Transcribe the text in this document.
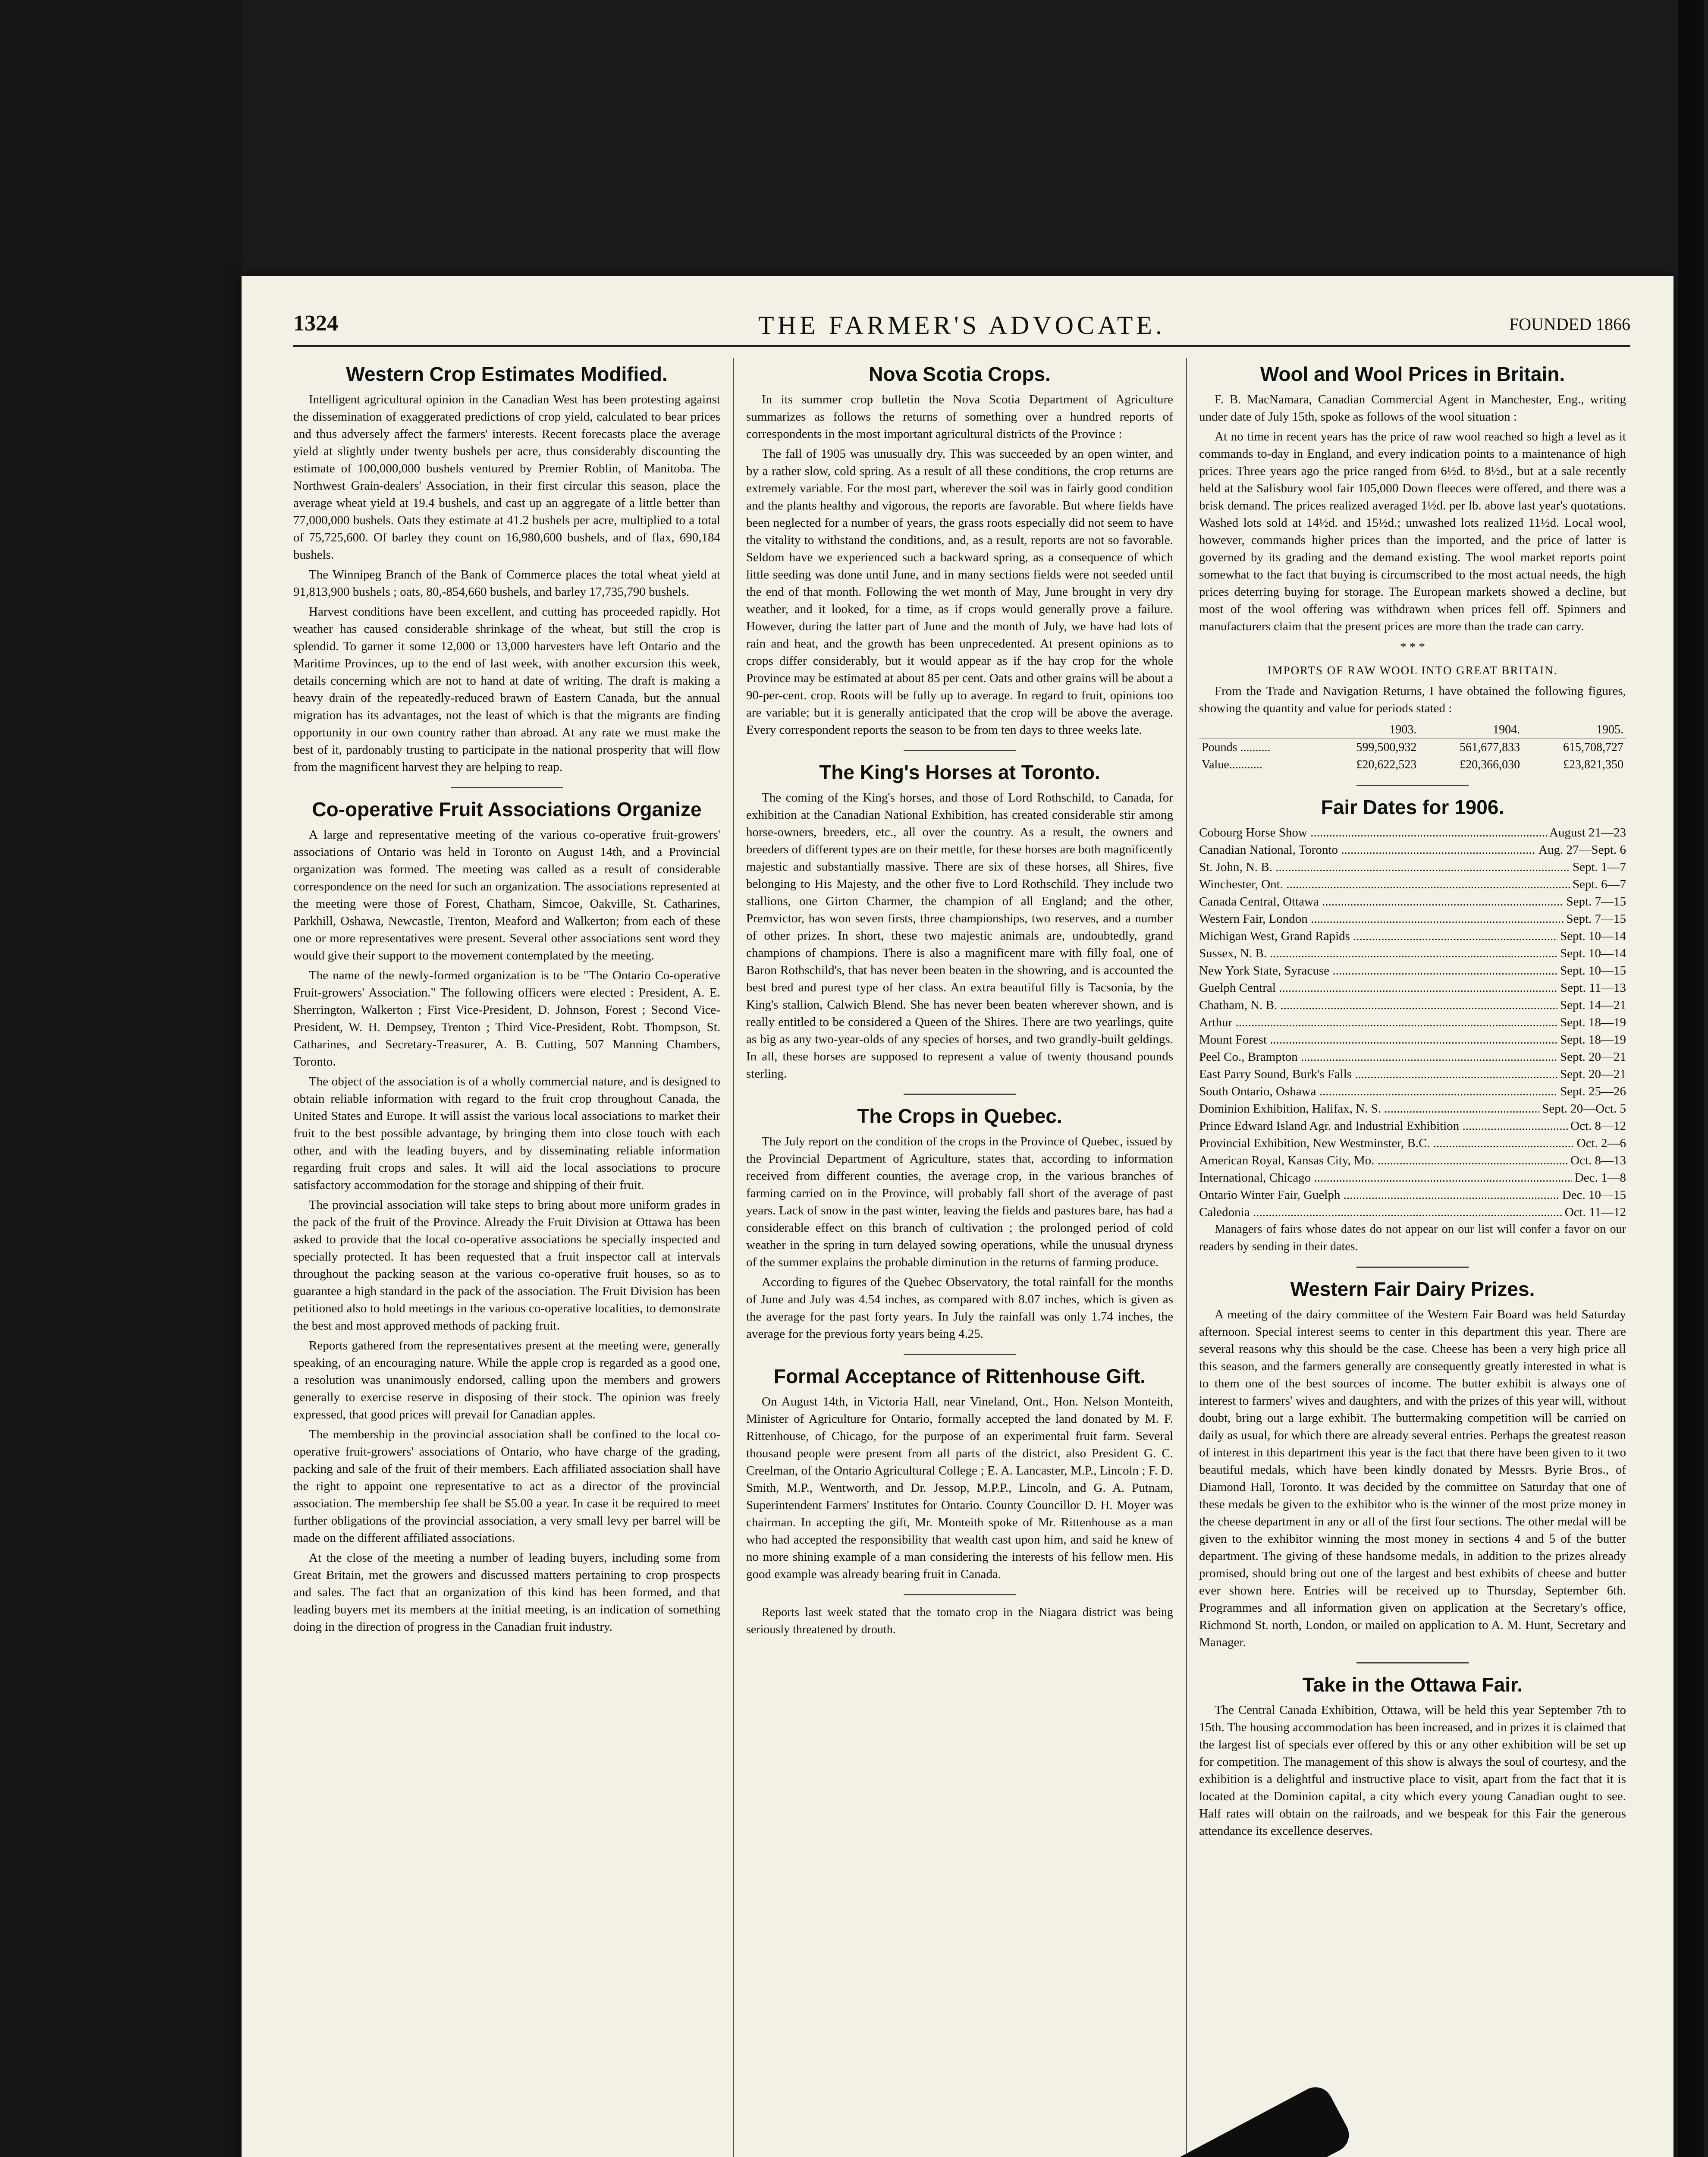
1324	THE FARMER'S ADVOCATE.	FOUNDED 1866
Western Crop Estimates Modified.

Intelligent agricultural opinion in the Canadian West has been protesting against the dissemination of exaggerated predictions of crop yield, calculated to bear prices and thus adversely affect the farmers' interests. Recent forecasts place the average yield at slightly under twenty bushels per acre, thus considerably discounting the estimate of 100,000,000 bushels ventured by Premier Roblin, of Manitoba. The Northwest Grain-dealers' Association, in their first circular this season, place the average wheat yield at 19.4 bushels, and cast up an aggregate of a little better than 77,000,000 bushels. Oats they estimate at 41.2 bushels per acre, multiplied to a total of 75,725,600. Of barley they count on 16,980,600 bushels, and of flax, 690,184 bushels.

The Winnipeg Branch of the Bank of Commerce places the total wheat yield at 91,813,900 bushels ; oats, 80,-854,660 bushels, and barley 17,735,790 bushels.

Harvest conditions have been excellent, and cutting has proceeded rapidly. Hot weather has caused considerable shrinkage of the wheat, but still the crop is splendid. To garner it some 12,000 or 13,000 harvesters have left Ontario and the Maritime Provinces, up to the end of last week, with another excursion this week, details concerning which are not to hand at date of writing. The draft is making a heavy drain of the repeatedly-reduced brawn of Eastern Canada, but the annual migration has its advantages, not the least of which is that the migrants are finding opportunity in our own country rather than abroad. At any rate we must make the best of it, pardonably trusting to participate in the national prosperity that will flow from the magnificent harvest they are helping to reap.

Co-operative Fruit Associations Organize

A large and representative meeting of the various co-operative fruit-growers' associations of Ontario was held in Toronto on August 14th, and a Provincial organization was formed. The meeting was called as a result of considerable correspondence on the need for such an organization. The associations represented at the meeting were those of Forest, Chatham, Simcoe, Oakville, St. Catharines, Parkhill, Oshawa, Newcastle, Trenton, Meaford and Walkerton; from each of these one or more representatives were present. Several other associations sent word they would give their support to the movement contemplated by the meeting.

The name of the newly-formed organization is to be "The Ontario Co-operative Fruit-growers' Association." The following officers were elected : President, A. E. Sherrington, Walkerton ; First Vice-President, D. Johnson, Forest ; Second Vice-President, W. H. Dempsey, Trenton ; Third Vice-President, Robt. Thompson, St. Catharines, and Secretary-Treasurer, A. B. Cutting, 507 Manning Chambers, Toronto.

The object of the association is of a wholly commercial nature, and is designed to obtain reliable information with regard to the fruit crop throughout Canada, the United States and Europe. It will assist the various local associations to market their fruit to the best possible advantage, by bringing them into close touch with each other, and with the leading buyers, and by disseminating reliable information regarding fruit crops and sales. It will aid the local associations to procure satisfactory accommodation for the storage and shipping of their fruit.

The provincial association will take steps to bring about more uniform grades in the pack of the fruit of the Province. Already the Fruit Division at Ottawa has been asked to provide that the local co-operative associations be specially inspected and specially protected. It has been requested that a fruit inspector call at intervals throughout the packing season at the various co-operative fruit houses, so as to guarantee a high standard in the pack of the association. The Fruit Division has been petitioned also to hold meetings in the various co-operative localities, to demonstrate the best and most approved methods of packing fruit.

Reports gathered from the representatives present at the meeting were, generally speaking, of an encouraging nature. While the apple crop is regarded as a good one, a resolution was unanimously endorsed, calling upon the members and growers generally to exercise reserve in disposing of their stock. The opinion was freely expressed, that good prices will prevail for Canadian apples.

The membership in the provincial association shall be confined to the local co-operative fruit-growers' associations of Ontario, who have charge of the grading, packing and sale of the fruit of their members. Each affiliated association shall have the right to appoint one representative to act as a director of the provincial association. The membership fee shall be $5.00 a year. In case it be required to meet further obligations of the provincial association, a very small levy per barrel will be made on the different affiliated associations.

At the close of the meeting a number of leading buyers, including some from Great Britain, met the growers and discussed matters pertaining to crop prospects and sales. The fact that an organization of this kind has been formed, and that leading buyers met its members at the initial meeting, is an indication of something doing in the direction of progress in the Canadian fruit industry.

Nova Scotia Crops.

In its summer crop bulletin the Nova Scotia Department of Agriculture summarizes as follows the returns of something over a hundred reports of correspondents in the most important agricultural districts of the Province :

The fall of 1905 was unusually dry. This was succeeded by an open winter, and by a rather slow, cold spring. As a result of all these conditions, the crop returns are extremely variable. For the most part, wherever the soil was in fairly good condition and the plants healthy and vigorous, the reports are favorable. But where fields have been neglected for a number of years, the grass roots especially did not seem to have the vitality to withstand the conditions, and, as a result, reports are not so favorable. Seldom have we experienced such a backward spring, as a consequence of which little seeding was done until June, and in many sections fields were not seeded until the end of that month. Following the wet month of May, June brought in very dry weather, and it looked, for a time, as if crops would generally prove a failure. However, during the latter part of June and the month of July, we have had lots of rain and heat, and the growth has been unprecedented. At present opinions as to crops differ considerably, but it would appear as if the hay crop for the whole Province may be estimated at about 85 per cent. Oats and other grains will be about a 90-per-cent. crop. Roots will be fully up to average. In regard to fruit, opinions too are variable; but it is generally anticipated that the crop will be above the average. Every correspondent reports the season to be from ten days to three weeks late.

The King's Horses at Toronto.

The coming of the King's horses, and those of Lord Rothschild, to Canada, for exhibition at the Canadian National Exhibition, has created considerable stir among horse-owners, breeders, etc., all over the country. As a result, the owners and breeders of different types are on their mettle, for these horses are both magnificently majestic and substantially massive. There are six of these horses, all Shires, five belonging to His Majesty, and the other five to Lord Rothschild. They include two stallions, one Girton Charmer, the champion of all England; and the other, Premvictor, has won seven firsts, three championships, two reserves, and a number of other prizes. In short, these two majestic animals are, undoubtedly, grand champions of champions. There is also a magnificent mare with filly foal, one of Baron Rothschild's, that has never been beaten in the showring, and is accounted the best bred and purest type of her class. An extra beautiful filly is Tacsonia, by the King's stallion, Calwich Blend. She has never been beaten wherever shown, and is really entitled to be considered a Queen of the Shires. There are two yearlings, quite as big as any two-year-olds of any species of horses, and two grandly-built geldings. In all, these horses are supposed to represent a value of twenty thousand pounds sterling.

The Crops in Quebec.

The July report on the condition of the crops in the Province of Quebec, issued by the Provincial Department of Agriculture, states that, according to information received from different counties, the average crop, in the various branches of farming carried on in the Province, will probably fall short of the average of past years. Lack of snow in the past winter, leaving the fields and pastures bare, has had a considerable effect on this branch of cultivation ; the prolonged period of cold weather in the spring in turn delayed sowing operations, while the unusual dryness of the summer explains the probable diminution in the returns of farming produce.

According to figures of the Quebec Observatory, the total rainfall for the months of June and July was 4.54 inches, as compared with 8.07 inches, which is given as the average for the past forty years. In July the rainfall was only 1.74 inches, the average for the previous forty years being 4.25.

Formal Acceptance of Rittenhouse Gift.

On August 14th, in Victoria Hall, near Vineland, Ont., Hon. Nelson Monteith, Minister of Agriculture for Ontario, formally accepted the land donated by M. F. Rittenhouse, of Chicago, for the purpose of an experimental fruit farm. Several thousand people were present from all parts of the district, also President G. C. Creelman, of the Ontario Agricultural College ; E. A. Lancaster, M.P., Lincoln ; F. D. Smith, M.P., Wentworth, and Dr. Jessop, M.P.P., Lincoln, and G. A. Putnam, Superintendent Farmers' Institutes for Ontario. County Councillor D. H. Moyer was chairman. In accepting the gift, Mr. Monteith spoke of Mr. Rittenhouse as a man who had accepted the responsibility that wealth cast upon him, and said he knew of no more shining example of a man considering the interests of his fellow men. His good example was already bearing fruit in Canada.

Reports last week stated that the tomato crop in the Niagara district was being seriously threatened by drouth.

Wool and Wool Prices in Britain.

F. B. MacNamara, Canadian Commercial Agent in Manchester, Eng., writing under date of July 15th, spoke as follows of the wool situation :

At no time in recent years has the price of raw wool reached so high a level as it commands to-day in England, and every indication points to a maintenance of high prices. Three years ago the price ranged from 6½d. to 8½d., but at a sale recently held at the Salisbury wool fair 105,000 Down fleeces were offered, and there was a brisk demand. The prices realized averaged 1½d. per lb. above last year's quotations. Washed lots sold at 14½d. and 15½d.; unwashed lots realized 11½d. Local wool, however, commands higher prices than the imported, and the price of latter is governed by its grading and the demand existing. The wool market reports point somewhat to the fact that buying is circumscribed to the most actual needs, the high prices deterring buying for storage. The European markets showed a decline, but most of the wool offering was withdrawn when prices fell off. Spinners and manufacturers claim that the present prices are more than the trade can carry.

* * *
IMPORTS OF RAW WOOL INTO GREAT BRITAIN.

From the Trade and Navigation Returns, I have obtained the following figures, showing the quantity and value for periods stated :

	1903.	1904.	1905.
Pounds ..........	599,500,932	561,677,833	615,708,727
Value...........	£20,622,523	£20,366,030	£23,821,350
Fair Dates for 1906.
Cobourg Horse Show .....	August 21—23
Canadian National, Toronto .....	Aug. 27—Sept. 6
St. John, N. B. .....	Sept. 1—7
Winchester, Ont. .....	Sept. 6—7
Canada Central, Ottawa .....	Sept. 7—15
Western Fair, London .....	Sept. 7—15
Michigan West, Grand Rapids .....	Sept. 10—14
Sussex, N. B. .....	Sept. 10—14
New York State, Syracuse .....	Sept. 10—15
Guelph Central .....	Sept. 11—13
Chatham, N. B. .....	Sept. 14—21
Arthur .....	Sept. 18—19
Mount Forest .....	Sept. 18—19
Peel Co., Brampton .....	Sept. 20—21
East Parry Sound, Burk's Falls .....	Sept. 20—21
South Ontario, Oshawa .....	Sept. 25—26
Dominion Exhibition, Halifax, N. S. .....	Sept. 20—Oct. 5
Prince Edward Island Agr. and Industrial Exhibition .....	Oct. 8—12
Provincial Exhibition, New Westminster, B.C. .....	Oct. 2—6
American Royal, Kansas City, Mo. .....	Oct. 8—13
International, Chicago .....	Dec. 1—8
Ontario Winter Fair, Guelph .....	Dec. 10—15
Caledonia .....	Oct. 11—12

Managers of fairs whose dates do not appear on our list will confer a favor on our readers by sending in their dates.

Western Fair Dairy Prizes.

A meeting of the dairy committee of the Western Fair Board was held Saturday afternoon. Special interest seems to center in this department this year. There are several reasons why this should be the case. Cheese has been a very high price all this season, and the farmers generally are consequently greatly interested in what is to them one of the best sources of income. The butter exhibit is always one of interest to farmers' wives and daughters, and with the prizes of this year will, without doubt, bring out a large exhibit. The buttermaking competition will be carried on daily as usual, for which there are already several entries. Perhaps the greatest reason of interest in this department this year is the fact that there have been given to it two beautiful medals, which have been kindly donated by Messrs. Byrie Bros., of Diamond Hall, Toronto. It was decided by the committee on Saturday that one of these medals be given to the exhibitor who is the winner of the most prize money in the cheese department in any or all of the first four sections. The other medal will be given to the exhibitor winning the most money in sections 4 and 5 of the butter department. The giving of these handsome medals, in addition to the prizes already promised, should bring out one of the largest and best exhibits of cheese and butter ever shown here. Entries will be received up to Thursday, September 6th. Programmes and all information given on application at the Secretary's office, Richmond St. north, London, or mailed on application to A. M. Hunt, Secretary and Manager.

Take in the Ottawa Fair.

The Central Canada Exhibition, Ottawa, will be held this year September 7th to 15th. The housing accommodation has been increased, and in prizes it is claimed that the largest list of specials ever offered by this or any other exhibition will be set up for competition. The management of this show is always the soul of courtesy, and the exhibition is a delightful and instructive place to visit, apart from the fact that it is located at the Dominion capital, a city which every young Canadian ought to see. Half rates will obtain on the railroads, and we bespeak for this Fair the generous attendance its excellence deserves.
